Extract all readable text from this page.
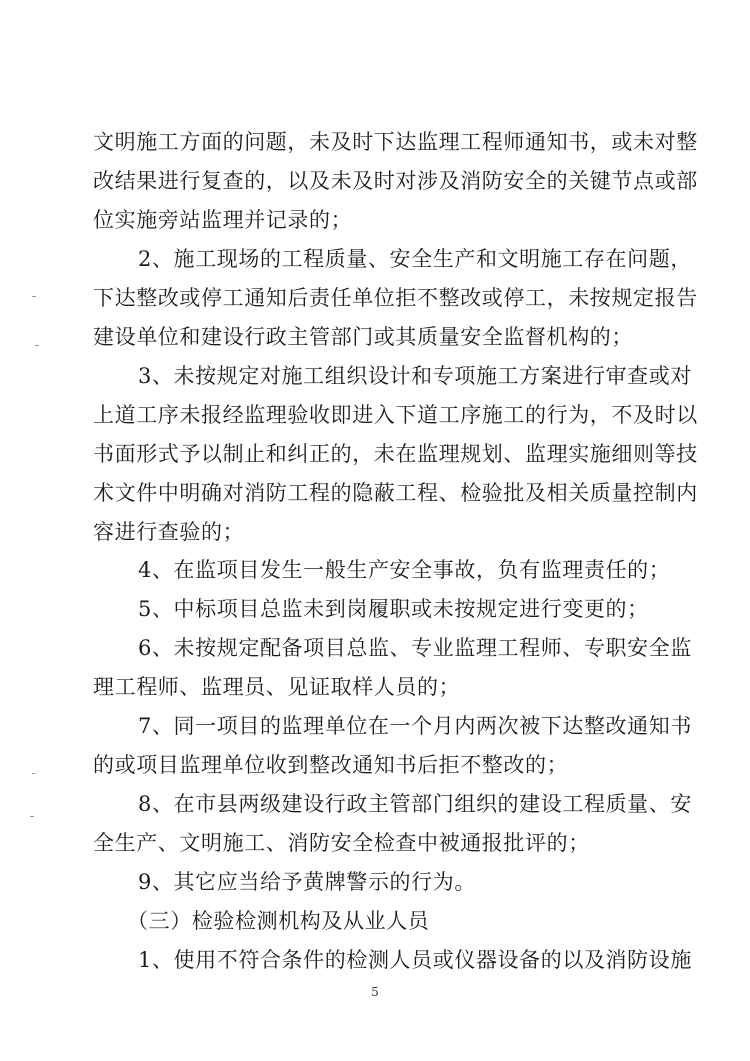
文明施工方面的问题，未及时下达监理工程师通知书，或未对整
改结果进行复查的，以及未及时对涉及消防安全的关键节点或部
位实施旁站监理并记录的；
2、施工现场的工程质量、安全生产和文明施工存在问题，
下达整改或停工通知后责任单位拒不整改或停工，未按规定报告
建设单位和建设行政主管部门或其质量安全监督机构的；
3、未按规定对施工组织设计和专项施工方案进行审查或对
上道工序未报经监理验收即进入下道工序施工的行为，不及时以
书面形式予以制止和纠正的，未在监理规划、监理实施细则等技
术文件中明确对消防工程的隐蔽工程、检验批及相关质量控制内
容进行查验的；
4、在监项目发生一般生产安全事故，负有监理责任的；
5、中标项目总监未到岗履职或未按规定进行变更的；
6、未按规定配备项目总监、专业监理工程师、专职安全监
理工程师、监理员、见证取样人员的；
7、同一项目的监理单位在一个月内两次被下达整改通知书
的或项目监理单位收到整改通知书后拒不整改的；
8、在市县两级建设行政主管部门组织的建设工程质量、安
全生产、文明施工、消防安全检查中被通报批评的；
9、其它应当给予黄牌警示的行为。
（三）检验检测机构及从业人员
1、使用不符合条件的检测人员或仪器设备的以及消防设施
5
